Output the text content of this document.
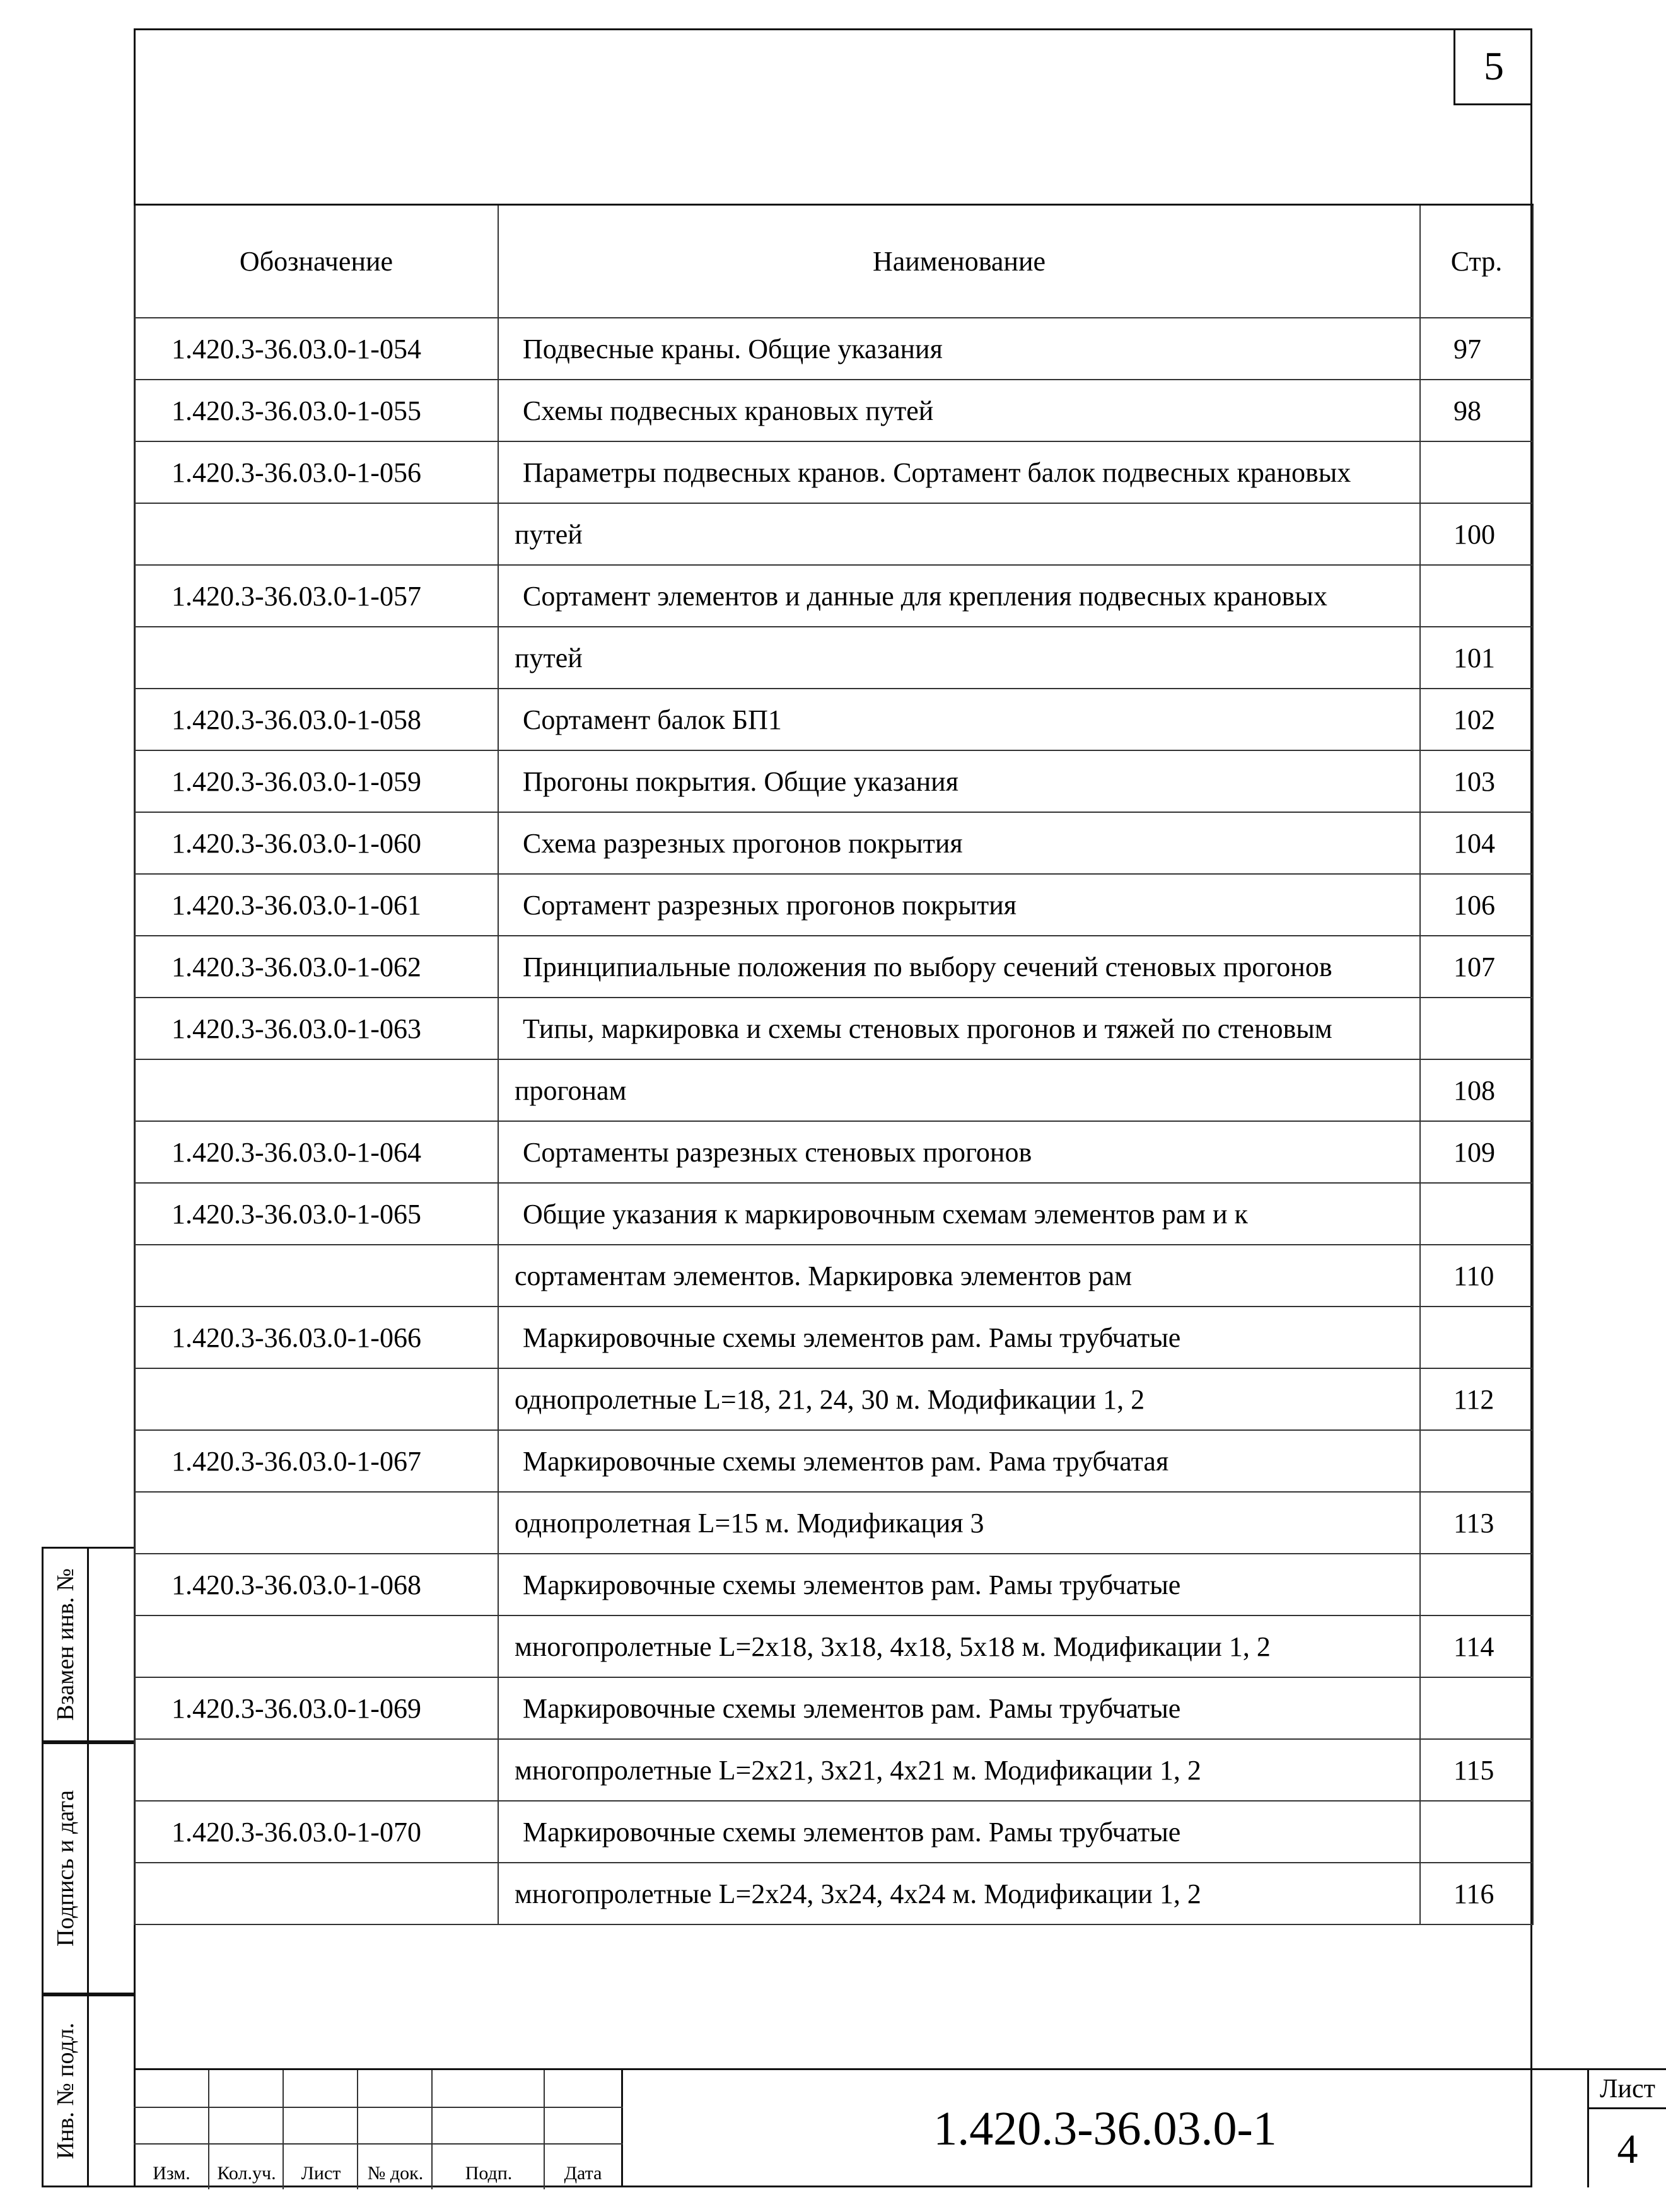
5
Обозначение	Наименование	Стр.
1.420.3-36.03.0-1-054	Подвесные краны. Общие указания	97
1.420.3-36.03.0-1-055	Схемы подвесных крановых путей	98
1.420.3-36.03.0-1-056	Параметры подвесных кранов. Сортамент балок подвесных крановых	
	путей	100
1.420.3-36.03.0-1-057	Сортамент элементов и данные для крепления подвесных крановых	
	путей	101
1.420.3-36.03.0-1-058	Сортамент балок БП1	102
1.420.3-36.03.0-1-059	Прогоны покрытия. Общие указания	103
1.420.3-36.03.0-1-060	Схема разрезных прогонов покрытия	104
1.420.3-36.03.0-1-061	Сортамент разрезных прогонов покрытия	106
1.420.3-36.03.0-1-062	Принципиальные положения по выбору сечений стеновых прогонов	107
1.420.3-36.03.0-1-063	Типы, маркировка и схемы стеновых прогонов и тяжей по стеновым	
	прогонам	108
1.420.3-36.03.0-1-064	Сортаменты разрезных стеновых прогонов	109
1.420.3-36.03.0-1-065	Общие указания к маркировочным схемам элементов рам и к	
	сортаментам элементов. Маркировка элементов рам	110
1.420.3-36.03.0-1-066	Маркировочные схемы элементов рам. Рамы трубчатые	
	однопролетные L=18, 21, 24, 30 м. Модификации 1, 2	112
1.420.3-36.03.0-1-067	Маркировочные схемы элементов рам. Рама трубчатая	
	однопролетная L=15 м. Модификация 3	113
1.420.3-36.03.0-1-068	Маркировочные схемы элементов рам. Рамы трубчатые	
	многопролетные L=2х18, 3х18, 4х18, 5х18 м. Модификации 1, 2	114
1.420.3-36.03.0-1-069	Маркировочные схемы элементов рам. Рамы трубчатые	
	многопролетные L=2х21, 3х21, 4х21 м. Модификации 1, 2	115
1.420.3-36.03.0-1-070	Маркировочные схемы элементов рам. Рамы трубчатые	
	многопролетные L=2х24, 3х24, 4х24 м. Модификации 1, 2	116
Взамен инв. №
Подпись и дата
Инв. № подл.
Изм.	Кол.уч.	Лист	№ док.	Подп.	Дата
1.420.3-36.03.0-1
Лист
4
